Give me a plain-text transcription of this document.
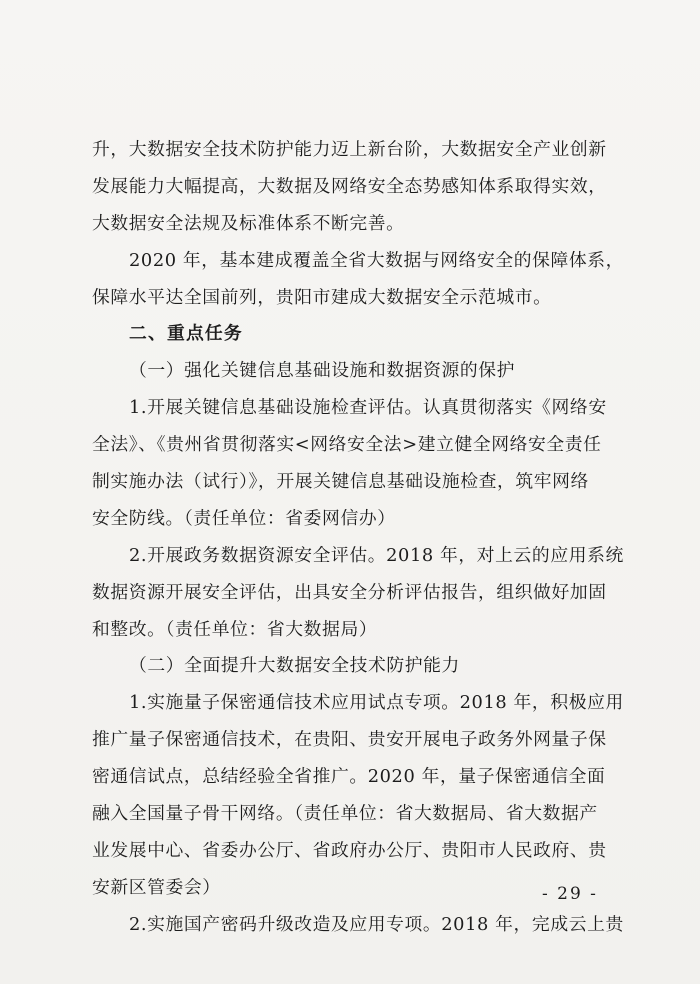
升，大数据安全技术防护能力迈上新台阶，大数据安全产业创新
发展能力大幅提高，大数据及网络安全态势感知体系取得实效，
大数据安全法规及标准体系不断完善。
2020 年，基本建成覆盖全省大数据与网络安全的保障体系，
保障水平达全国前列，贵阳市建成大数据安全示范城市。
二、重点任务
（一）强化关键信息基础设施和数据资源的保护
1.开展关键信息基础设施检查评估。认真贯彻落实《网络安
全法》、《贵州省贯彻落实<网络安全法>建立健全网络安全责任
制实施办法（试行）》，开展关键信息基础设施检查，筑牢网络
安全防线。（责任单位：省委网信办）
2.开展政务数据资源安全评估。2018 年，对上云的应用系统
数据资源开展安全评估，出具安全分析评估报告，组织做好加固
和整改。（责任单位：省大数据局）
（二）全面提升大数据安全技术防护能力
1.实施量子保密通信技术应用试点专项。2018 年，积极应用
推广量子保密通信技术，在贵阳、贵安开展电子政务外网量子保
密通信试点，总结经验全省推广。2020 年，量子保密通信全面
融入全国量子骨干网络。（责任单位：省大数据局、省大数据产
业发展中心、省委办公厅、省政府办公厅、贵阳市人民政府、贵
安新区管委会）
2.实施国产密码升级改造及应用专项。2018 年，完成云上贵
- 29 -
